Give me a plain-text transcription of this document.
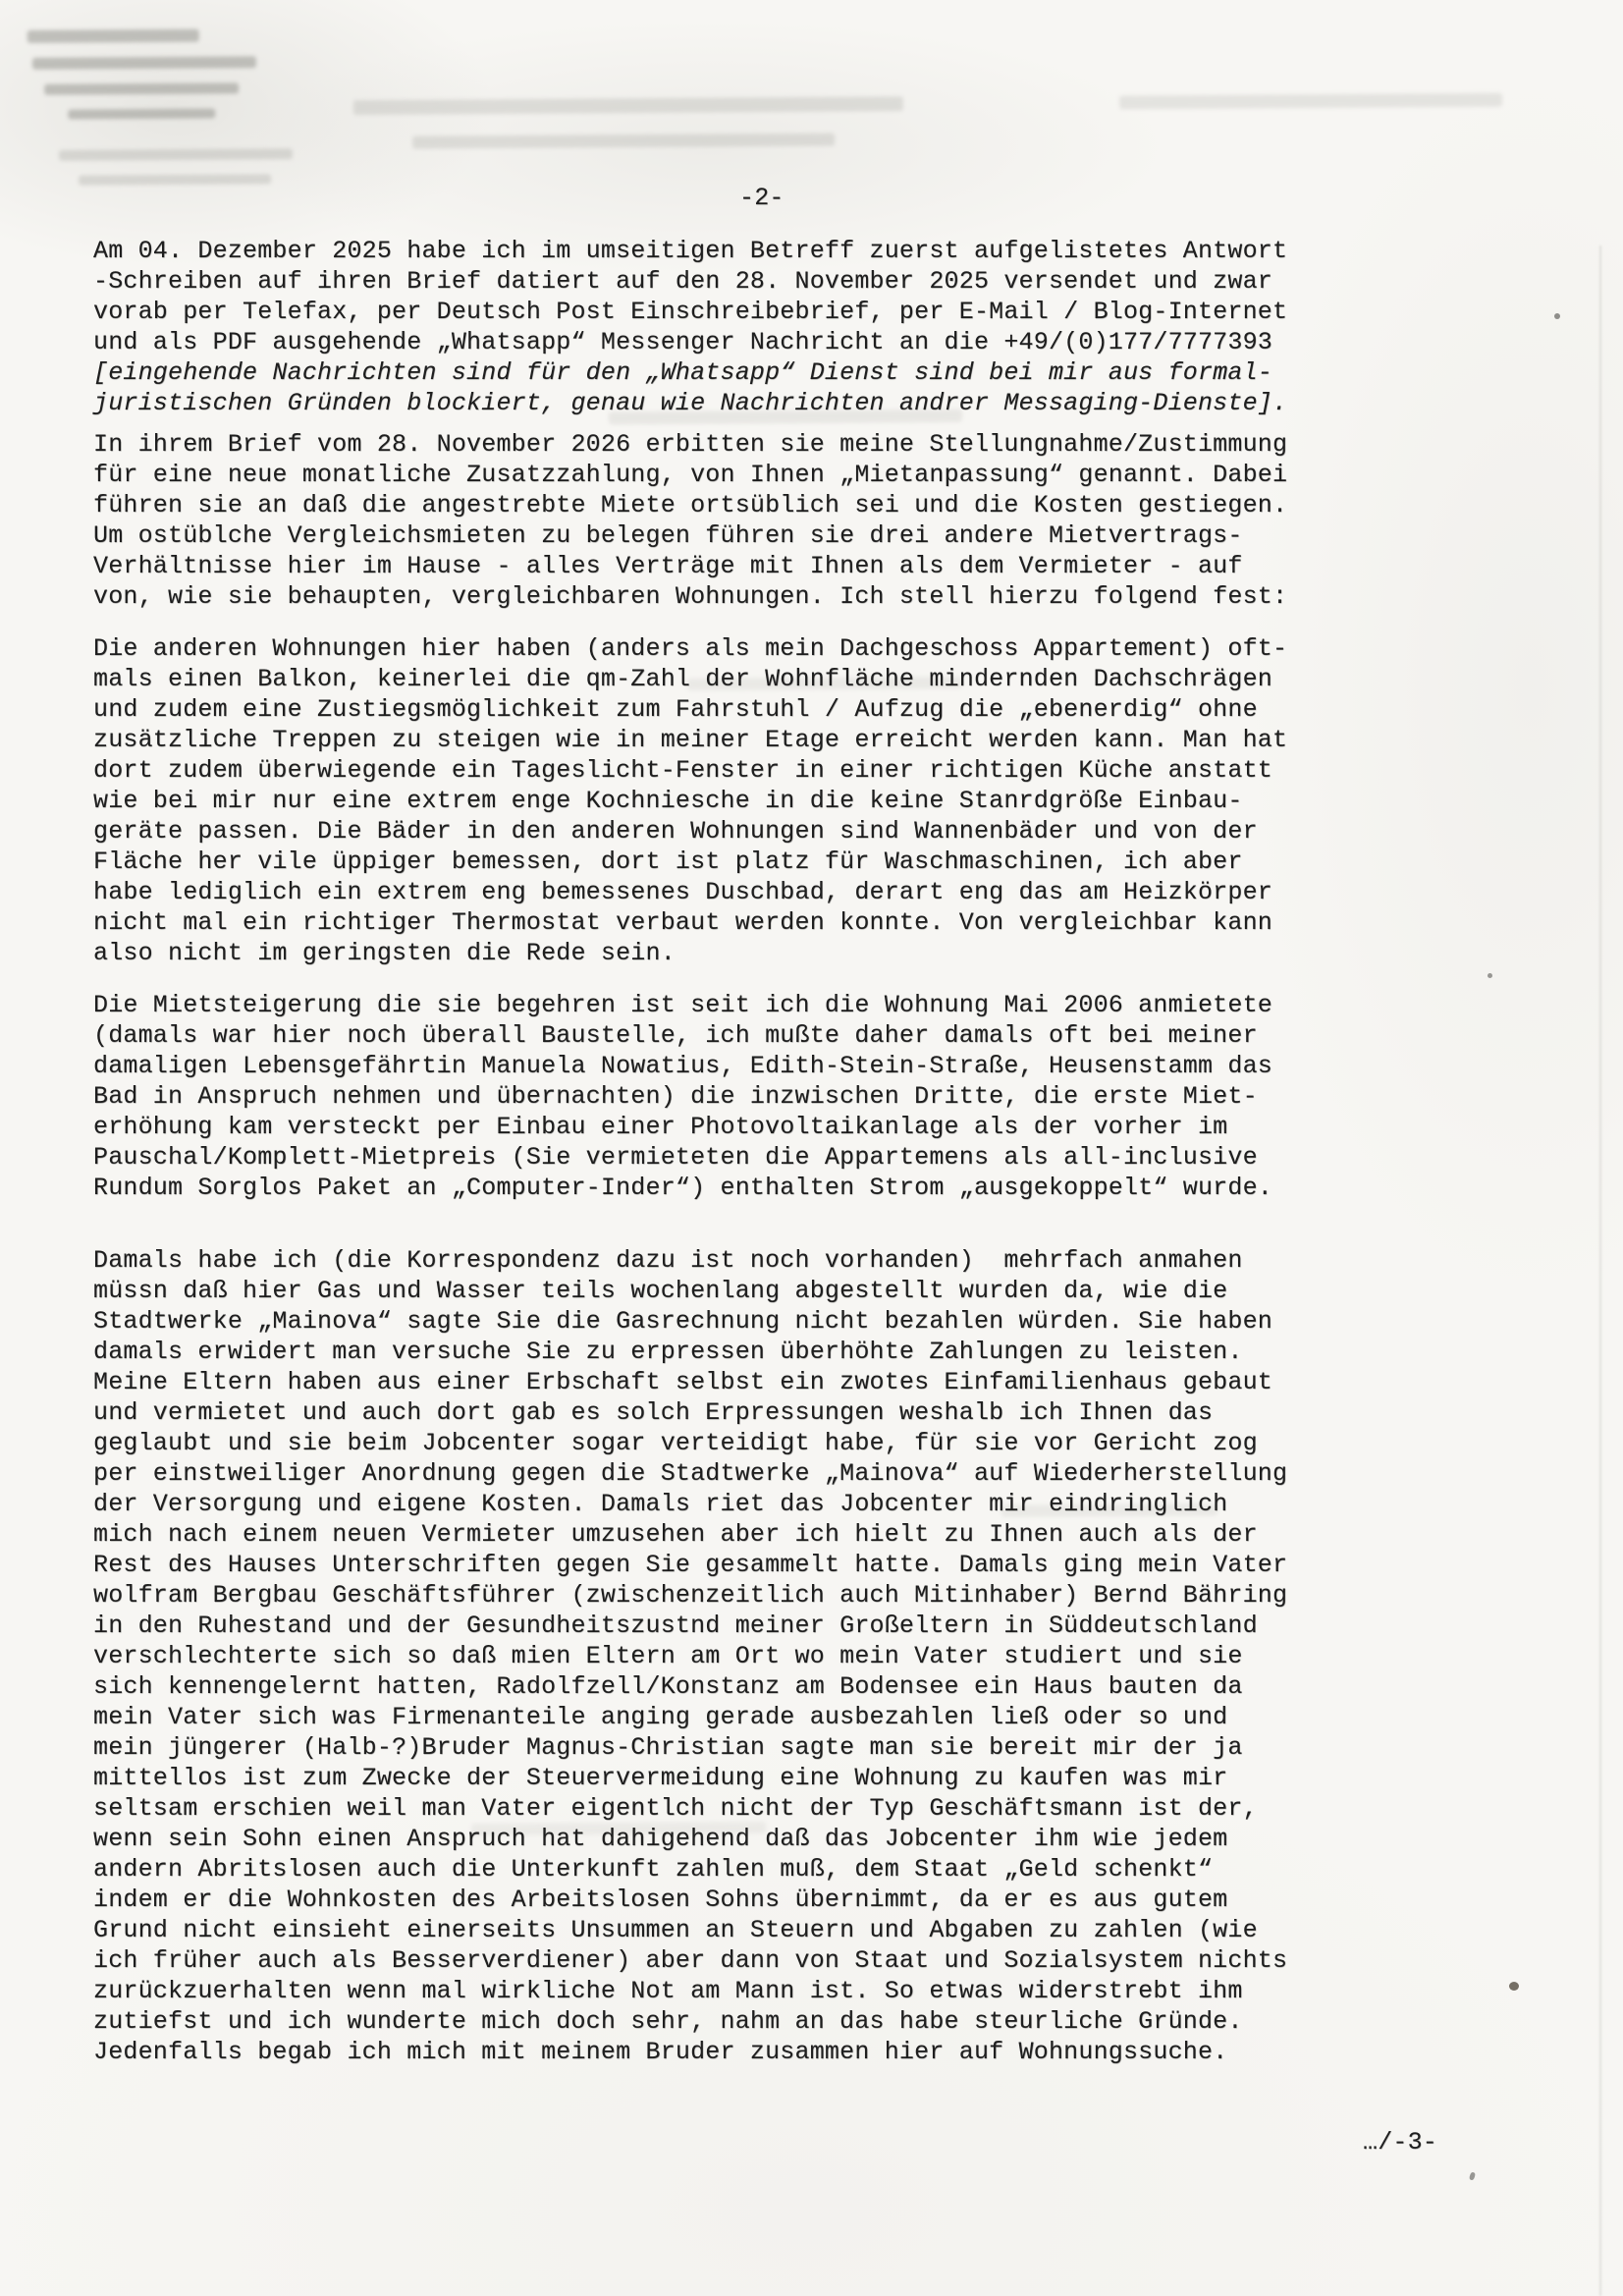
-2-
Am 04. Dezember 2025 habe ich im umseitigen Betreff zuerst aufgelistetes Antwort
-Schreiben auf ihren Brief datiert auf den 28. November 2025 versendet und zwar
vorab per Telefax, per Deutsch Post Einschreibebrief, per E-Mail / Blog-Internet
und als PDF ausgehende „Whatsapp“ Messenger Nachricht an die +49/(0)177/7777393
[eingehende Nachrichten sind für den „Whatsapp“ Dienst sind bei mir aus formal-
juristischen Gründen blockiert, genau wie Nachrichten andrer Messaging-Dienste].
In ihrem Brief vom 28. November 2026 erbitten sie meine Stellungnahme/Zustimmung
für eine neue monatliche Zusatzzahlung, von Ihnen „Mietanpassung“ genannt. Dabei
führen sie an daß die angestrebte Miete ortsüblich sei und die Kosten gestiegen.
Um ostüblche Vergleichsmieten zu belegen führen sie drei andere Mietvertrags-
Verhältnisse hier im Hause - alles Verträge mit Ihnen als dem Vermieter - auf
von, wie sie behaupten, vergleichbaren Wohnungen. Ich stell hierzu folgend fest:
Die anderen Wohnungen hier haben (anders als mein Dachgeschoss Appartement) oft-
mals einen Balkon, keinerlei die qm-Zahl der Wohnfläche mindernden Dachschrägen
und zudem eine Zustiegsmöglichkeit zum Fahrstuhl / Aufzug die „ebenerdig“ ohne
zusätzliche Treppen zu steigen wie in meiner Etage erreicht werden kann. Man hat
dort zudem überwiegende ein Tageslicht-Fenster in einer richtigen Küche anstatt
wie bei mir nur eine extrem enge Kochniesche in die keine Stanrdgröße Einbau-
geräte passen. Die Bäder in den anderen Wohnungen sind Wannenbäder und von der
Fläche her vile üppiger bemessen, dort ist platz für Waschmaschinen, ich aber
habe lediglich ein extrem eng bemessenes Duschbad, derart eng das am Heizkörper
nicht mal ein richtiger Thermostat verbaut werden konnte. Von vergleichbar kann
also nicht im geringsten die Rede sein.
Die Mietsteigerung die sie begehren ist seit ich die Wohnung Mai 2006 anmietete
(damals war hier noch überall Baustelle, ich mußte daher damals oft bei meiner
damaligen Lebensgefährtin Manuela Nowatius, Edith-Stein-Straße, Heusenstamm das
Bad in Anspruch nehmen und übernachten) die inzwischen Dritte, die erste Miet-
erhöhung kam versteckt per Einbau einer Photovoltaikanlage als der vorher im
Pauschal/Komplett-Mietpreis (Sie vermieteten die Appartemens als all-inclusive
Rundum Sorglos Paket an „Computer-Inder“) enthalten Strom „ausgekoppelt“ wurde.
Damals habe ich (die Korrespondenz dazu ist noch vorhanden)  mehrfach anmahen
müssn daß hier Gas und Wasser teils wochenlang abgestellt wurden da, wie die
Stadtwerke „Mainova“ sagte Sie die Gasrechnung nicht bezahlen würden. Sie haben
damals erwidert man versuche Sie zu erpressen überhöhte Zahlungen zu leisten.
Meine Eltern haben aus einer Erbschaft selbst ein zwotes Einfamilienhaus gebaut
und vermietet und auch dort gab es solch Erpressungen weshalb ich Ihnen das
geglaubt und sie beim Jobcenter sogar verteidigt habe, für sie vor Gericht zog
per einstweiliger Anordnung gegen die Stadtwerke „Mainova“ auf Wiederherstellung
der Versorgung und eigene Kosten. Damals riet das Jobcenter mir eindringlich
mich nach einem neuen Vermieter umzusehen aber ich hielt zu Ihnen auch als der
Rest des Hauses Unterschriften gegen Sie gesammelt hatte. Damals ging mein Vater
wolfram Bergbau Geschäftsführer (zwischenzeitlich auch Mitinhaber) Bernd Bähring
in den Ruhestand und der Gesundheitszustnd meiner Großeltern in Süddeutschland
verschlechterte sich so daß mien Eltern am Ort wo mein Vater studiert und sie
sich kennengelernt hatten, Radolfzell/Konstanz am Bodensee ein Haus bauten da
mein Vater sich was Firmenanteile anging gerade ausbezahlen ließ oder so und
mein jüngerer (Halb-?)Bruder Magnus-Christian sagte man sie bereit mir der ja
mittellos ist zum Zwecke der Steuervermeidung eine Wohnung zu kaufen was mir
seltsam erschien weil man Vater eigentlch nicht der Typ Geschäftsmann ist der,
wenn sein Sohn einen Anspruch hat dahigehend daß das Jobcenter ihm wie jedem
andern Abritslosen auch die Unterkunft zahlen muß, dem Staat „Geld schenkt“
indem er die Wohnkosten des Arbeitslosen Sohns übernimmt, da er es aus gutem
Grund nicht einsieht einerseits Unsummen an Steuern und Abgaben zu zahlen (wie
ich früher auch als Besserverdiener) aber dann von Staat und Sozialsystem nichts
zurückzuerhalten wenn mal wirkliche Not am Mann ist. So etwas widerstrebt ihm
zutiefst und ich wunderte mich doch sehr, nahm an das habe steurliche Gründe.
Jedenfalls begab ich mich mit meinem Bruder zusammen hier auf Wohnungssuche.
…/-3-
